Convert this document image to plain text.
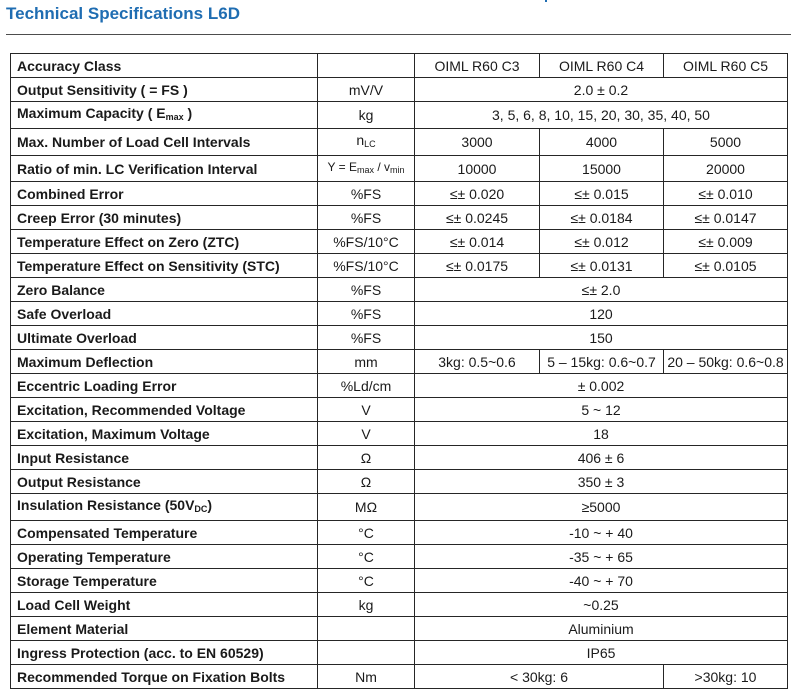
Technical Specifications L6D
Accuracy Class		OIML R60 C3	OIML R60 C4	OIML R60 C5
Output Sensitivity ( = FS )	mV/V	2.0 ± 0.2		
Maximum Capacity ( $E_{max}$ )	kg	3, 5, 6, 8, 10, 15, 20, 30, 35, 40, 50		
Max. Number of Load Cell Intervals	$n_{LC}$	3000	4000	5000
Ratio of min. LC Verification Interval	$Y = E_{max} / v_{min}$	10000	15000	20000
Combined Error	%FS	≤± 0.020	≤± 0.015	≤± 0.010
Creep Error (30 minutes)	%FS	≤± 0.0245	≤± 0.0184	≤± 0.0147
Temperature Effect on Zero (ZTC)	%FS/10°C	≤± 0.014	≤± 0.012	≤± 0.009
Temperature Effect on Sensitivity (STC)	%FS/10°C	≤± 0.0175	≤± 0.0131	≤± 0.0105
Zero Balance	%FS	≤± 2.0		
Safe Overload	%FS	120		
Ultimate Overload	%FS	150		
Maximum Deflection	mm	3kg: 0.5~0.6	5 – 15kg: 0.6~0.7	20 – 50kg: 0.6~0.8
Eccentric Loading Error	%Ld/cm	± 0.002		
Excitation, Recommended Voltage	V	5 ~ 12		
Excitation, Maximum Voltage	V	18		
Input Resistance	Ω	406 ± 6		
Output Resistance	Ω	350 ± 3		
Insulation Resistance $(50V_{DC})$	MΩ	≥5000		
Compensated Temperature	°C	-10 ~ + 40		
Operating Temperature	°C	-35 ~ + 65		
Storage Temperature	°C	-40 ~ + 70		
Load Cell Weight	kg	~0.25		
Element Material		Aluminium		
Ingress Protection (acc. to EN 60529)		IP65		
Recommended Torque on Fixation Bolts	Nm	< 30kg: 6		>30kg: 10
